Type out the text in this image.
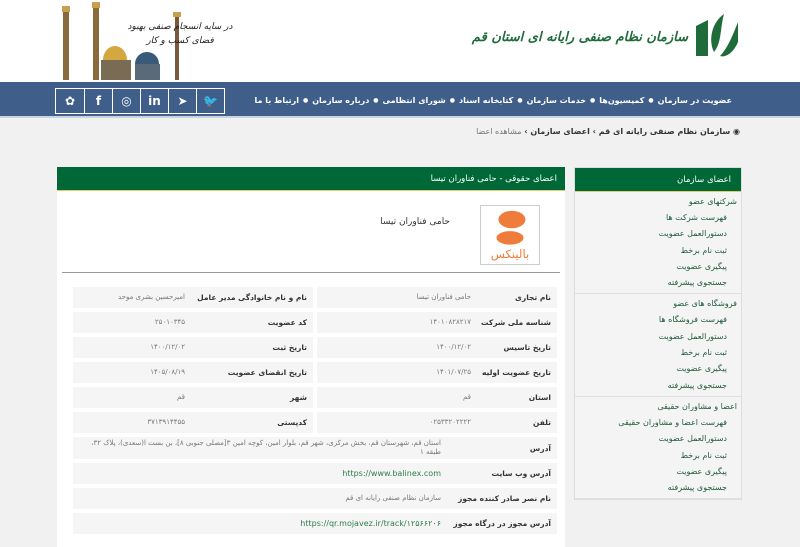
سازمان نظام صنفی رایانه ای استان قم
در سایه انسجام صنفی بهبود فضای کسب و کار
عضویت در سازمان
●
کمیسیون‌ها
●
خدمات سازمان
●
کتابخانه اسناد
●
شورای انتظامی
●
درباره سازمان
●
ارتباط با ما
🐦
➤
in
◎
f
✿
◉ سازمان نظام صنفی رایانه ای قم › اعضای سازمان › مشاهده اعضا
اعضای حقوقی - حامی فناوران تیسا
بالینکس
حامی فناوران تیسا
نام تجاری
حامی فناوران تیسا
نام و نام خانوادگی مدیر عامل
امیرحسین بشری موحد
شناسه ملی شرکت
۱۴۰۱۰۸۲۸۲۱۷
کد عضویت
۲۵۰۱۰۳۴۵
تاریخ تاسیس
۱۴۰۰/۱۲/۰۲
تاریخ ثبت
۱۴۰۰/۱۲/۰۲
تاریخ عضویت اولیه
۱۴۰۱/۰۷/۲۵
تاریخ انقضای عضویت
۱۴۰۵/۰۸/۱۹
استان
قم
شهر
قم
تلفن
۰۲۵۳۳۲۰۲۲۲۲
کدپستی
۳۷۱۳۹۱۴۴۵۵
آدرس
استان قم، شهرستان قم، بخش مرکزی، شهر قم، بلوار امین، کوچه امین ۳[مصلی جنوبی ۸]، بن بست ا(سعدی)، پلاک ۳۲، طبقه ۱
آدرس وب سایت
https://www.balinex.com
نام نصر صادر کننده مجوز
سازمان نظام صنفی رایانه ای قم
آدرس مجوز در درگاه مجوز
https://qr.mojavez.ir/track/۱۲۵۶۶۲۰۶
اعضای سازمان
شرکتهای عضو
فهرست شرکت ها
دستورالعمل عضویت
ثبت نام برخط
پیگیری عضویت
جستجوی پیشرفته
فروشگاه های عضو
فهرست فروشگاه ها
دستورالعمل عضویت
ثبت نام برخط
پیگیری عضویت
جستجوی پیشرفته
اعضا و مشاوران حقیقی
فهرست اعضا و مشاوران حقیقی
دستورالعمل عضویت
ثبت نام برخط
پیگیری عضویت
جستجوی پیشرفته
